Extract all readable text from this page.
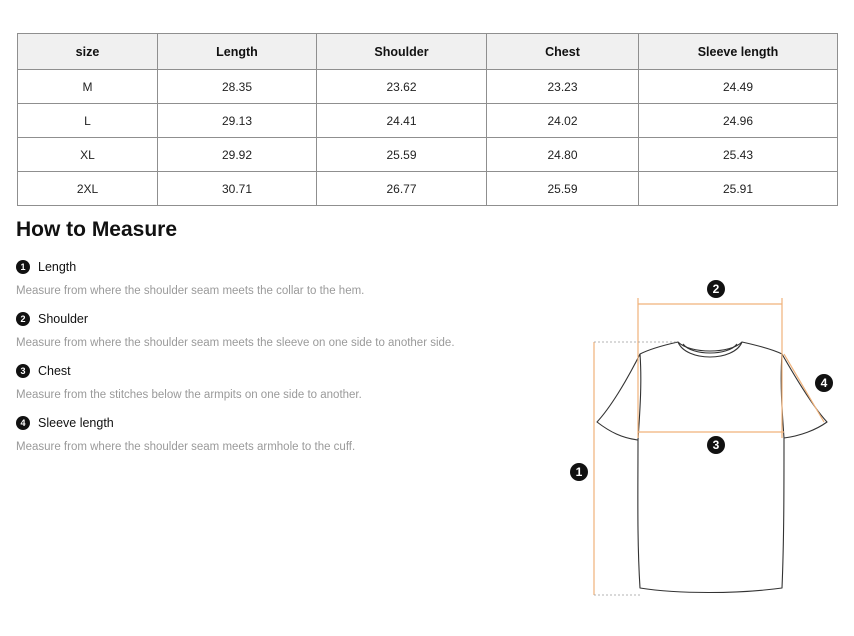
size	Length	Shoulder	Chest	Sleeve length
M	28.35	23.62	23.23	24.49
L	29.13	24.41	24.02	24.96
XL	29.92	25.59	24.80	25.43
2XL	30.71	26.77	25.59	25.91
How to Measure
1	Length
Measure from where the shoulder seam meets the collar to the hem.
2	Shoulder
Measure from where the shoulder seam meets the sleeve on one side to another side.
3	Chest
Measure from the stitches below the armpits on one side to another.
4	Sleeve length
Measure from where the shoulder seam meets armhole to the cuff.
2
3
1
4
